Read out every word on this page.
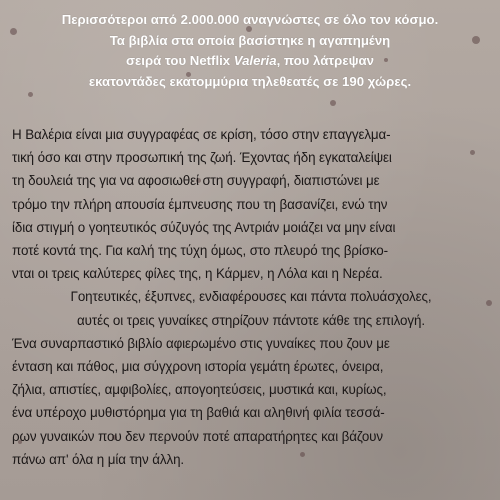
Περισσότεροι από 2.000.000 αναγνώστες σε όλο τον κόσμο.
Τα βιβλία στα οποία βασίστηκε η αγαπημένη
σειρά του Netflix Valeria, που λάτρεψαν
εκατοντάδες εκατομμύρια τηλεθεατές σε 190 χώρες.
Η Βαλέρια είναι μια συγγραφέας σε κρίση, τόσο στην επαγγελμα-
τική όσο και στην προσωπική της ζωή. Έχοντας ήδη εγκαταλείψει
τη δουλειά της για να αφοσιωθεί στη συγγραφή, διαπιστώνει με
τρόμο την πλήρη απουσία έμπνευσης που τη βασανίζει, ενώ την
ίδια στιγμή ο γοητευτικός σύζυγός της Αντριάν μοιάζει να μην είναι
ποτέ κοντά της. Για καλή της τύχη όμως, στο πλευρό της βρίσκο-
νται οι τρεις καλύτερες φίλες της, η Κάρμεν, η Λόλα και η Νερέα.
Γοητευτικές, έξυπνες, ενδιαφέρουσες και πάντα πολυάσχολες,
αυτές οι τρεις γυναίκες στηρίζουν πάντοτε κάθε της επιλογή.
Ένα συναρπαστικό βιβλίο αφιερωμένο στις γυναίκες που ζουν με
ένταση και πάθος, μια σύγχρονη ιστορία γεμάτη έρωτες, όνειρα,
ζήλια, απιστίες, αμφιβολίες, απογοητεύσεις, μυστικά και, κυρίως,
ένα υπέροχο μυθιστόρημα για τη βαθιά και αληθινή φιλία τεσσά-
ρων γυναικών που δεν περνούν ποτέ απαρατήρητες και βάζουν
πάνω απ' όλα η μία την άλλη.
